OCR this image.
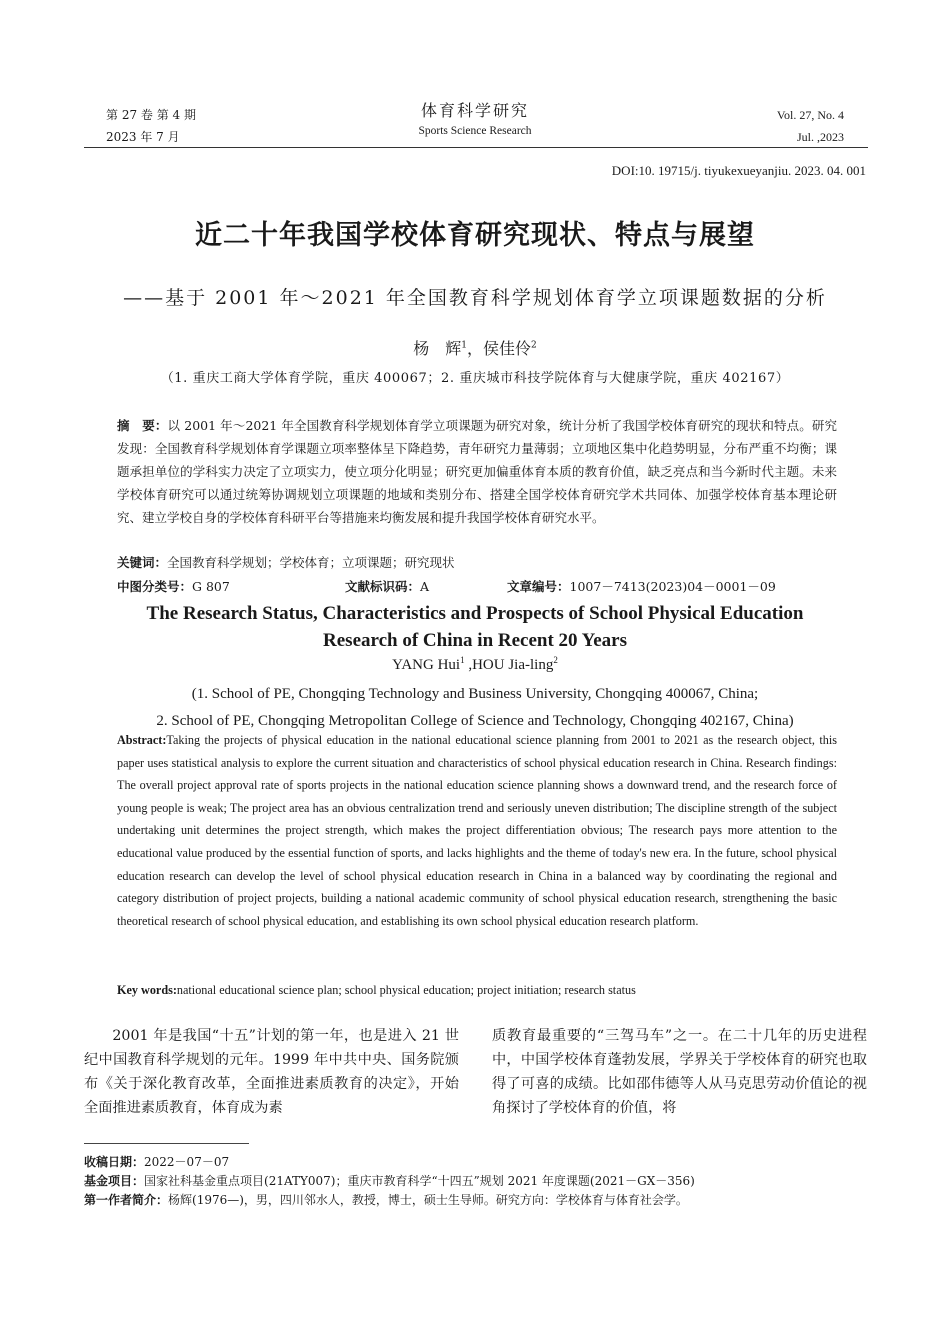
第 27 卷 第 4 期
2023 年 7 月
体育科学研究
Sports Science Research
Vol. 27, No. 4
Jul. ,2023
DOI:10. 19715/j. tiyukexueyanjiu. 2023. 04. 001
近二十年我国学校体育研究现状、特点与展望
——基于 2001 年～2021 年全国教育科学规划体育学立项课题数据的分析
杨　辉$^1$，侯佳伶$^2$
（1. 重庆工商大学体育学院，重庆 400067；2. 重庆城市科技学院体育与大健康学院，重庆 402167）
摘　要：以 2001 年～2021 年全国教育科学规划体育学立项课题为研究对象，统计分析了我国学校体育研究的现状和特点。研究发现：全国教育科学规划体育学课题立项率整体呈下降趋势，青年研究力量薄弱；立项地区集中化趋势明显，分布严重不均衡；课题承担单位的学科实力决定了立项实力，使立项分化明显；研究更加偏重体育本质的教育价值，缺乏亮点和当今新时代主题。未来学校体育研究可以通过统筹协调规划立项课题的地域和类别分布、搭建全国学校体育研究学术共同体、加强学校体育基本理论研究、建立学校自身的学校体育科研平台等措施来均衡发展和提升我国学校体育研究水平。
关键词：全国教育科学规划；学校体育；立项课题；研究现状
中图分类号：G 807	文献标识码：A	文章编号：1007－7413(2023)04－0001－09
The Research Status, Characteristics and Prospects of School Physical Education
Research of China in Recent 20 Years
YANG Hui$^1$ ,HOU Jia-ling$^2$
(1. School of PE, Chongqing Technology and Business University, Chongqing 400067, China;
2. School of PE, Chongqing Metropolitan College of Science and Technology, Chongqing 402167, China)
Abstract:Taking the projects of physical education in the national educational science planning from 2001 to 2021 as the research object, this paper uses statistical analysis to explore the current situation and characteristics of school physical education research in China. Research findings: The overall project approval rate of sports projects in the national education science planning shows a downward trend, and the research force of young people is weak; The project area has an obvious centralization trend and seriously uneven distribution; The discipline strength of the subject undertaking unit determines the project strength, which makes the project differentiation obvious; The research pays more attention to the educational value produced by the essential function of sports, and lacks highlights and the theme of today's new era. In the future, school physical education research can develop the level of school physical education research in China in a balanced way by coordinating the regional and category distribution of project projects, building a national academic community of school physical education research, strengthening the basic theoretical research of school physical education, and establishing its own school physical education research platform.
Key words:national educational science plan; school physical education; project initiation; research status

2001 年是我国“十五”计划的第一年，也是进入 21 世纪中国教育科学规划的元年。1999 年中共中央、国务院颁布《关于深化教育改革，全面推进素质教育的决定》，开始全面推进素质教育，体育成为素

质教育最重要的“三驾马车”之一。在二十几年的历史进程中，中国学校体育蓬勃发展，学界关于学校体育的研究也取得了可喜的成绩。比如邵伟德等人从马克思劳动价值论的视角探讨了学校体育的价值，将

收稿日期：2022－07－07
基金项目：国家社科基金重点项目(21ATY007)；重庆市教育科学“十四五”规划 2021 年度课题(2021－GX－356)
第一作者简介：杨辉(1976—)，男，四川邻水人，教授，博士，硕士生导师。研究方向：学校体育与体育社会学。
